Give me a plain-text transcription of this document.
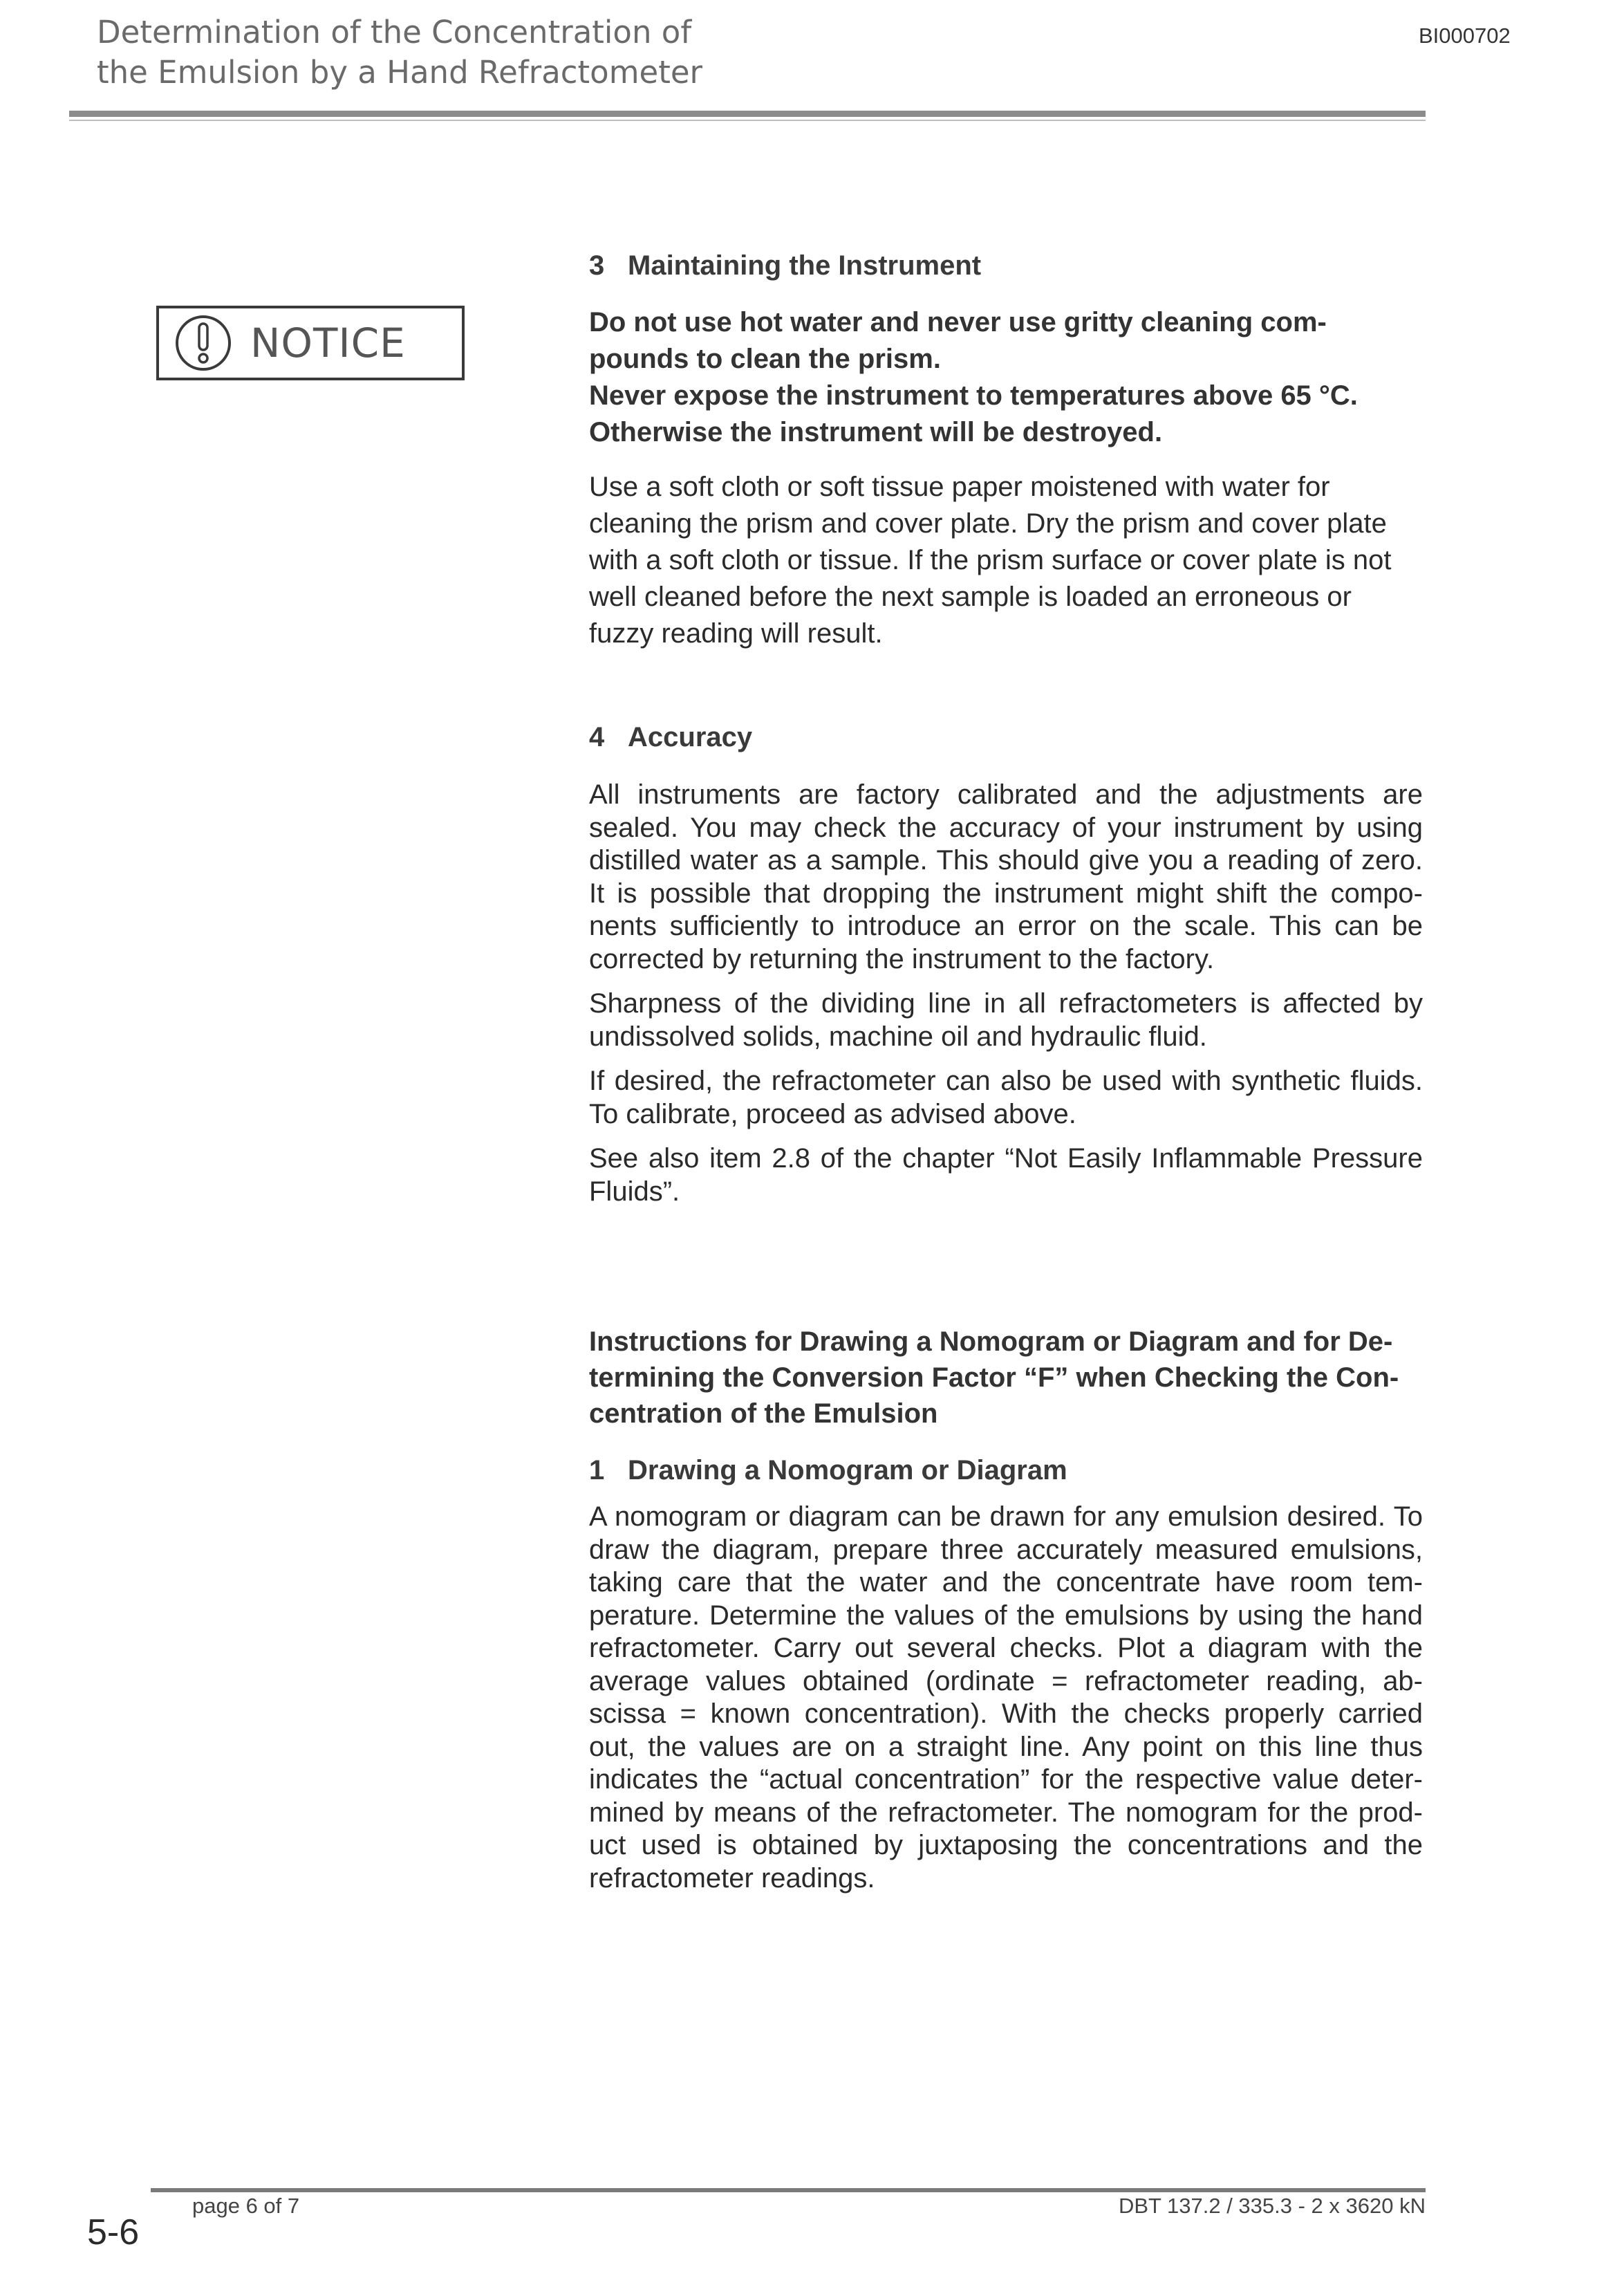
Determination of the Concentration of
the Emulsion by a Hand Refractometer
BI000702
NOTICE
3 Maintaining the Instrument

Do not use hot water and never use gritty cleaning com-

pounds to clean the prism.

Never expose the instrument to temperatures above 65 °C.

Otherwise the instrument will be destroyed.

Use a soft cloth or soft tissue paper moistened with water for

cleaning the prism and cover plate. Dry the prism and cover plate

with a soft cloth or tissue. If the prism surface or cover plate is not

well cleaned before the next sample is loaded an erroneous or

fuzzy reading will result.

4 Accuracy

All instruments are factory calibrated and the adjustments are sealed. You may check the accuracy of your instrument by using distilled water as a sample. This should give you a reading of zero. It is possible that dropping the instrument might shift the compo-nents sufficiently to introduce an error on the scale. This can be corrected by returning the instrument to the factory.

Sharpness of the dividing line in all refractometers is affected by undissolved solids, machine oil and hydraulic fluid.

If desired, the refractometer can also be used with synthetic fluids. To calibrate, proceed as advised above.

See also item 2.8 of the chapter “Not Easily Inflammable Pressure Fluids”.

Instructions for Drawing a Nomogram or Diagram and for De-

termining the Conversion Factor “F” when Checking the Con-

centration of the Emulsion

1 Drawing a Nomogram or Diagram

A nomogram or diagram can be drawn for any emulsion desired. To draw the diagram, prepare three accurately measured emulsions, taking care that the water and the concentrate have room tem-perature. Determine the values of the emulsions by using the hand refractometer. Carry out several checks. Plot a diagram with the average values obtained (ordinate = refractometer reading, ab-scissa = known concentration). With the checks properly carried out, the values are on a straight line. Any point on this line thus indicates the “actual concentration” for the respective value deter-mined by means of the refractometer. The nomogram for the prod-uct used is obtained by juxtaposing the concentrations and the refractometer readings.

page 6 of 7	DBT 137.2 / 335.3 - 2 x 3620 kN
5-6
